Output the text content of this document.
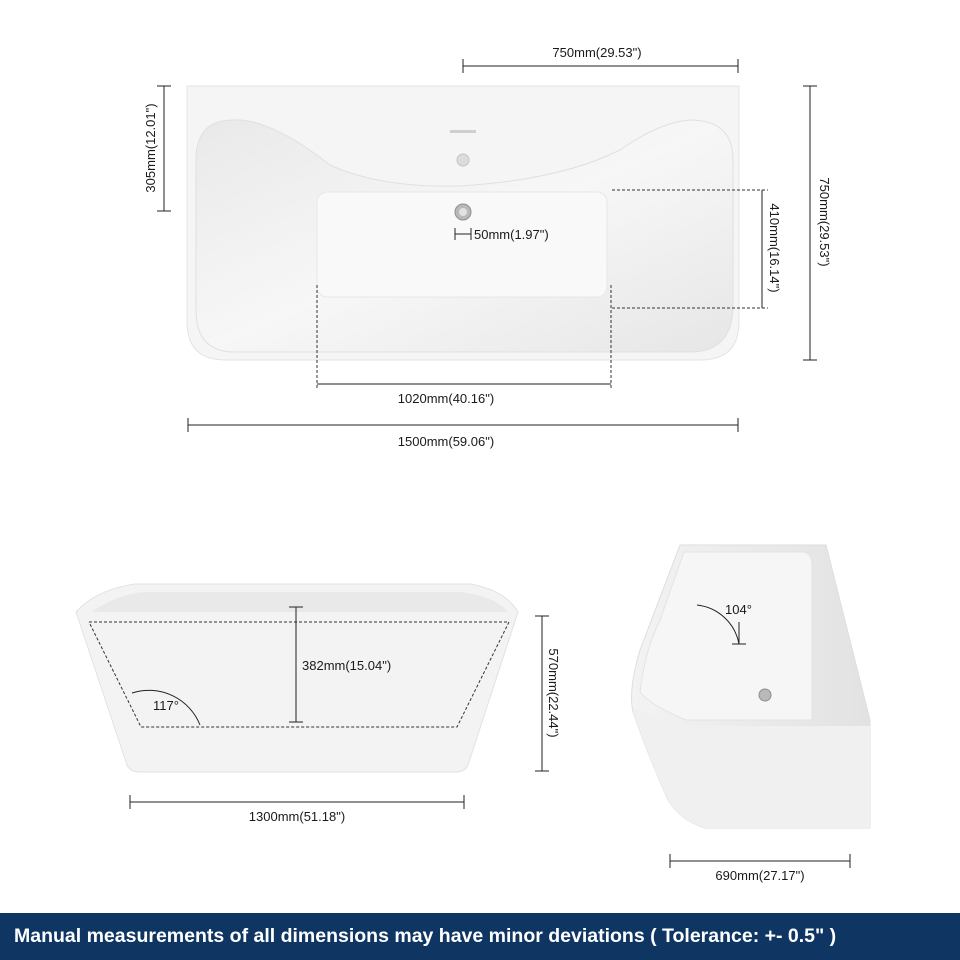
750mm(29.53")
305mm(12.01")
750mm(29.53")
410mm(16.14")
50mm(1.97")
1020mm(40.16")
1500mm(59.06")
382mm(15.04")
117°	570mm(22.44")
1300mm(51.18")
104°
690mm(27.17")
Manual measurements of all dimensions may have minor deviations ( Tolerance: +- 0.5" )
